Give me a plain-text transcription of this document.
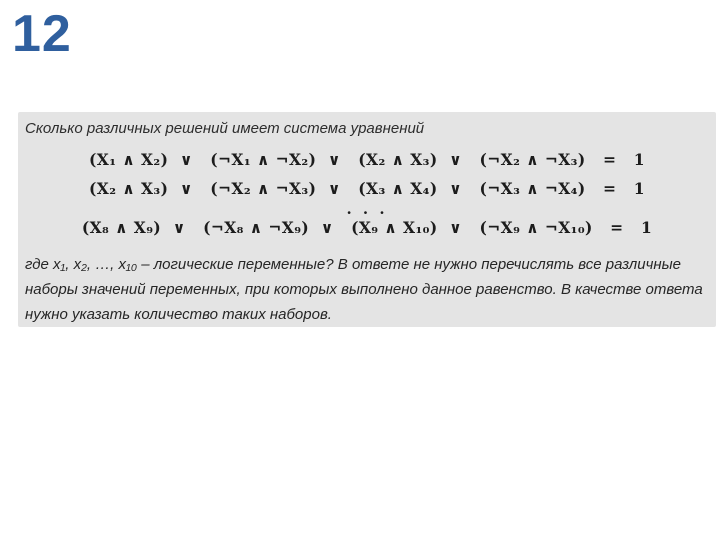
12
Сколько различных решений имеет система уравнений
(X₁ ∧ X₂)  ∨   (¬X₁ ∧ ¬X₂)  ∨   (X₂ ∧ X₃)  ∨   (¬X₂ ∧ ¬X₃)   =   1
(X₂ ∧ X₃)  ∨   (¬X₂ ∧ ¬X₃)  ∨   (X₃ ∧ X₄)  ∨   (¬X₃ ∧ ¬X₄)   =   1
. . .
(X₈ ∧ X₉)  ∨   (¬X₈ ∧ ¬X₉)  ∨   (X₉ ∧ X₁₀)  ∨   (¬X₉ ∧ ¬X₁₀)   =   1
где x₁, x₂, …, x₁₀ – логические переменные? В ответе не нужно перечислять все различные
наборы значений переменных, при которых выполнено данное равенство. В качестве ответа
нужно указать количество таких наборов.
